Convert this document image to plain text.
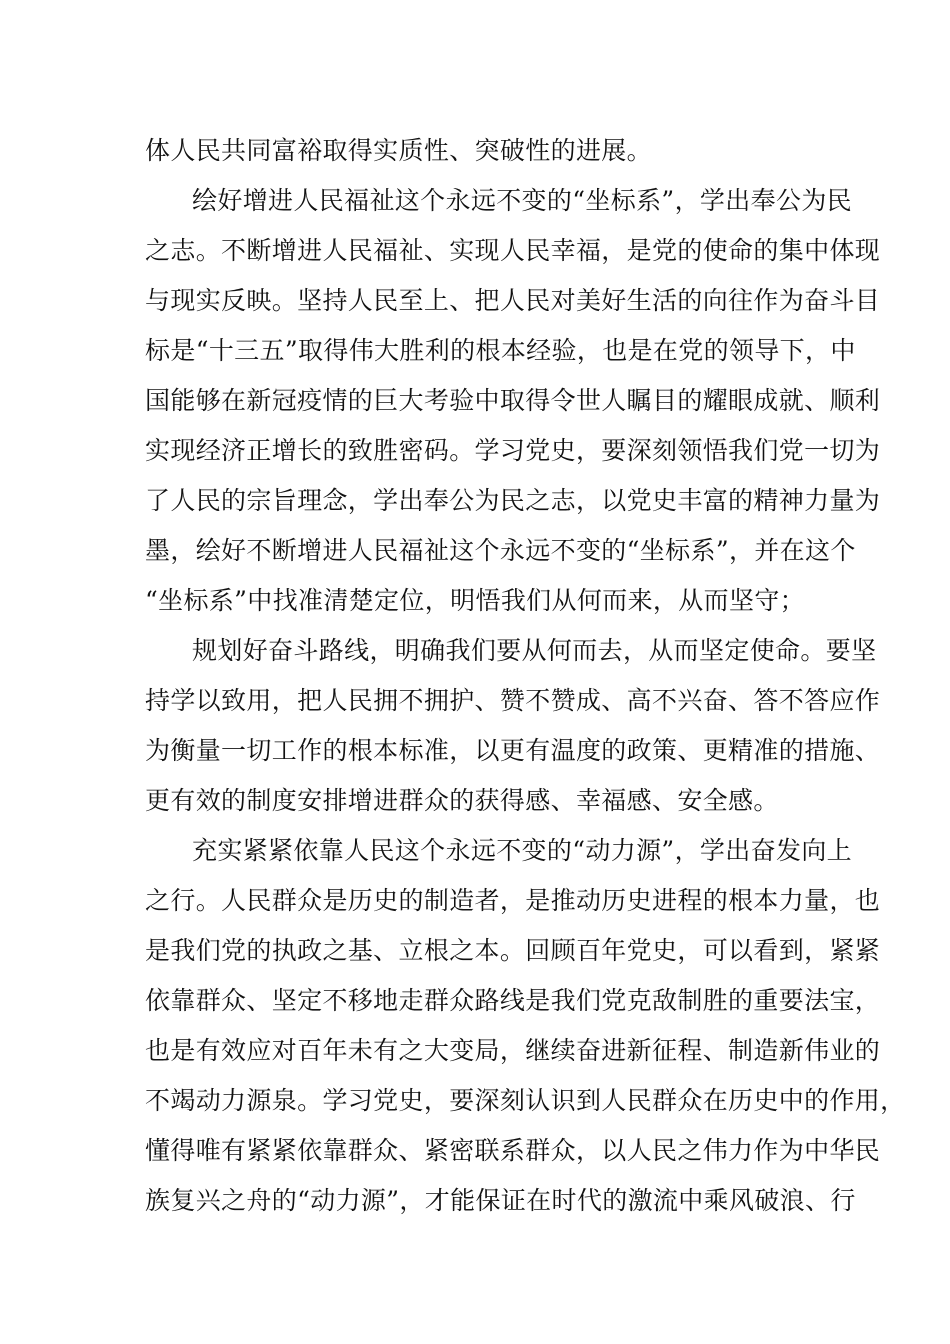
体人民共同富裕取得实质性、突破性的进展。

绘好增进人民福祉这个永远不变的“坐标系”，学出奉公为民

之志。不断增进人民福祉、实现人民幸福，是党的使命的集中体现

与现实反映。坚持人民至上、把人民对美好生活的向往作为奋斗目

标是“十三五”取得伟大胜利的根本经验，也是在党的领导下，中

国能够在新冠疫情的巨大考验中取得令世人瞩目的耀眼成就、顺利

实现经济正增长的致胜密码。学习党史，要深刻领悟我们党一切为

了人民的宗旨理念，学出奉公为民之志，以党史丰富的精神力量为

墨，绘好不断增进人民福祉这个永远不变的“坐标系”，并在这个

“坐标系”中找准清楚定位，明悟我们从何而来，从而坚守；

规划好奋斗路线，明确我们要从何而去，从而坚定使命。要坚

持学以致用，把人民拥不拥护、赞不赞成、高不兴奋、答不答应作

为衡量一切工作的根本标准，以更有温度的政策、更精准的措施、

更有效的制度安排增进群众的获得感、幸福感、安全感。

充实紧紧依靠人民这个永远不变的“动力源”，学出奋发向上

之行。人民群众是历史的制造者，是推动历史进程的根本力量，也

是我们党的执政之基、立根之本。回顾百年党史，可以看到，紧紧

依靠群众、坚定不移地走群众路线是我们党克敌制胜的重要法宝，

也是有效应对百年未有之大变局，继续奋进新征程、制造新伟业的

不竭动力源泉。学习党史，要深刻认识到人民群众在历史中的作用，

懂得唯有紧紧依靠群众、紧密联系群众，以人民之伟力作为中华民

族复兴之舟的“动力源”，才能保证在时代的激流中乘风破浪、行
